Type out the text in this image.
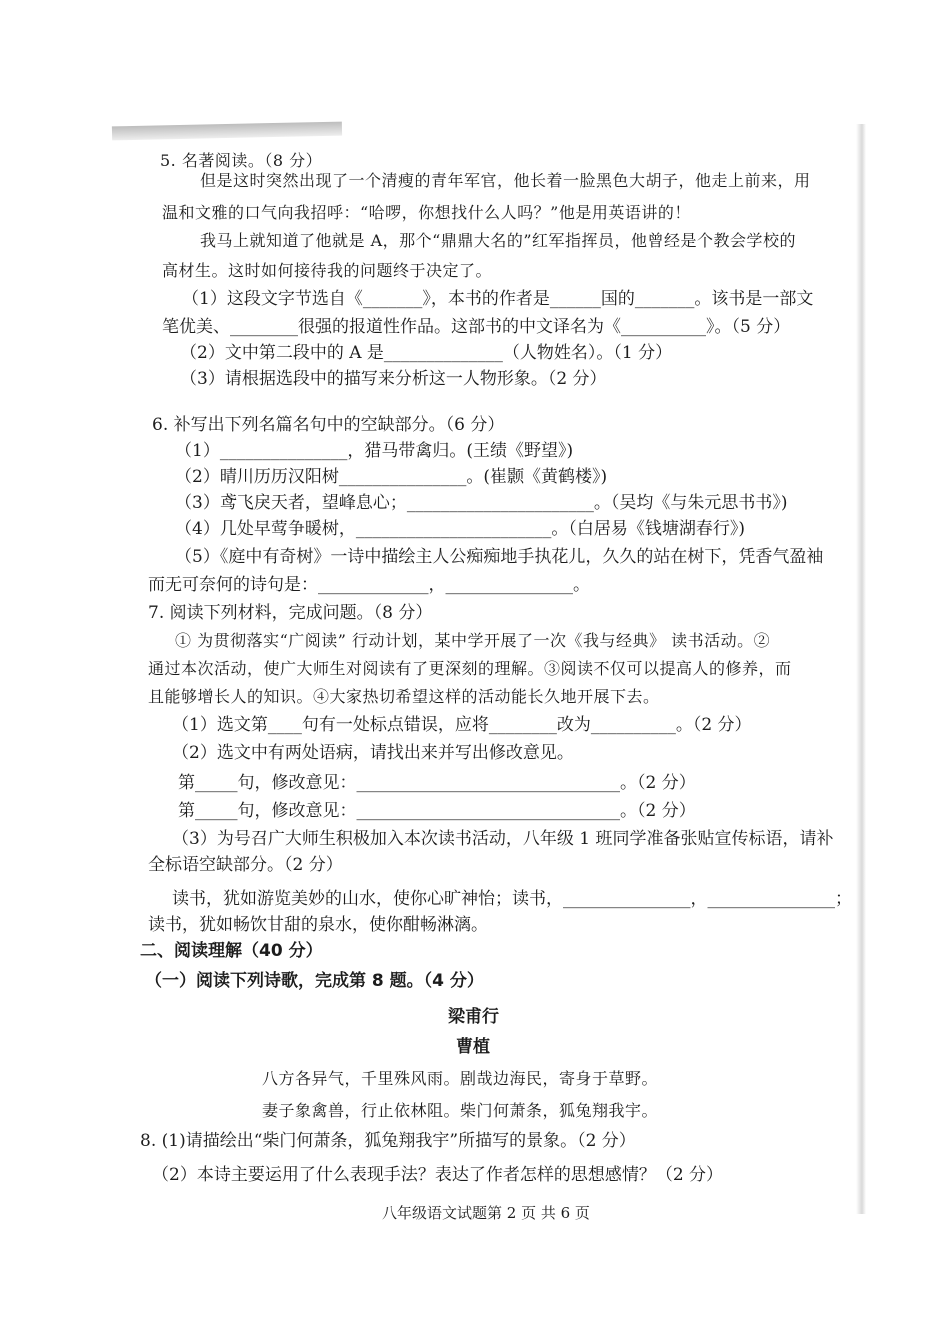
5. 名著阅读。（8 分）
但是这时突然出现了一个清瘦的青年军官，他长着一脸黑色大胡子，他走上前来，用
温和文雅的口气向我招呼：“哈啰，你想找什么人吗？”他是用英语讲的！
我马上就知道了他就是 A，那个“鼎鼎大名的”红军指挥员，他曾经是个教会学校的
高材生。这时如何接待我的问题终于决定了。
（1）这段文字节选自《_______》，本书的作者是______国的_______。该书是一部文
笔优美、________很强的报道性作品。这部书的中文译名为《__________》。（5 分）
（2）文中第二段中的 A 是______________（人物姓名）。（1 分）
（3）请根据选段中的描写来分析这一人物形象。（2 分）
6. 补写出下列名篇名句中的空缺部分。（6 分）
（1）_______________，猎马带禽归。(王绩《野望》)
（2）晴川历历汉阳树_______________。(崔颢《黄鹤楼》)
（3）鸢飞戾天者，望峰息心；______________________。（吴均《与朱元思书书》)
（4）几处早莺争暖树，_______________________。（白居易《钱塘湖春行》)
（5）《庭中有奇树》一诗中描绘主人公痴痴地手执花儿，久久的站在树下，凭香气盈袖
而无可奈何的诗句是：_____________，_______________。
7. 阅读下列材料，完成问题。（8 分）
① 为贯彻落实“广阅读” 行动计划，某中学开展了一次《我与经典》 读书活动。②
通过本次活动，使广大师生对阅读有了更深刻的理解。③阅读不仅可以提高人的修养，而
且能够增长人的知识。④大家热切希望这样的活动能长久地开展下去。
（1）选文第____句有一处标点错误，应将________改为__________。（2 分）
（2）选文中有两处语病，请找出来并写出修改意见。
第_____句，修改意见：_______________________________。（2 分）
第_____句，修改意见：_______________________________。（2 分）
（3）为号召广大师生积极加入本次读书活动，八年级 1 班同学准备张贴宣传标语，请补
全标语空缺部分。（2 分）
读书，犹如游览美妙的山水，使你心旷神怡；读书，_______________，_______________；
读书，犹如畅饮甘甜的泉水，使你酣畅淋漓。
二、阅读理解（40 分）
（一）阅读下列诗歌，完成第 8 题。（4 分）
梁甫行
曹植
八方各异气，千里殊风雨。剧哉边海民，寄身于草野。
妻子象禽兽，行止依林阻。柴门何萧条，狐兔翔我宇。
8. (1)请描绘出“柴门何萧条，狐兔翔我宇”所描写的景象。（2 分）
（2）本诗主要运用了什么表现手法？表达了作者怎样的思想感情？（2 分）
八年级语文试题第 2 页 共 6 页
